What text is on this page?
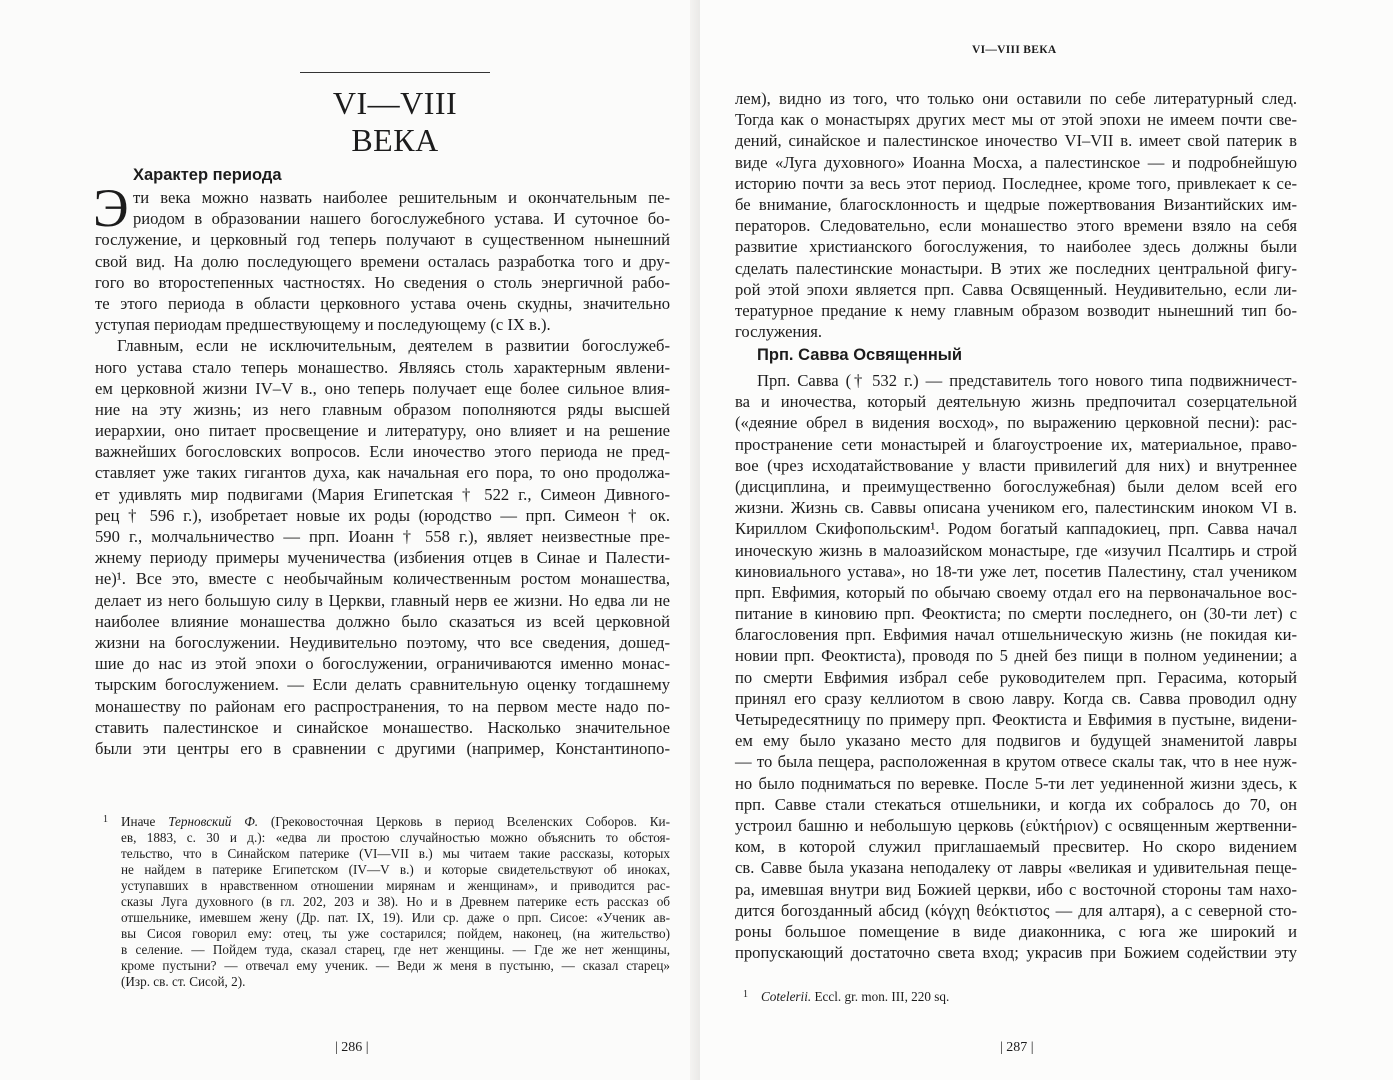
VI—VIII ВЕКА
Характер периода
Э ти века можно назвать наиболее решительным и окончательным пе-
риодом в образовании нашего богослужебного устава. И суточное бо-
гослужение, и церковный год теперь получают в существенном нынешний
свой вид. На долю последующего времени осталась разработка того и дру-
гого во второстепенных частностях. Но сведения о столь энергичной рабо-
те этого периода в области церковного устава очень скудны, значительно
уступая периодам предшествующему и последующему (с IX в.).
Главным, если не исключительным, деятелем в развитии богослужеб-
ного устава стало теперь монашество. Являясь столь характерным явлени-
ем церковной жизни IV–V в., оно теперь получает еще более сильное влия-
ние на эту жизнь; из него главным образом пополняются ряды высшей
иерархии, оно питает просвещение и литературу, оно влияет и на решение
важнейших богословских вопросов. Если иночество этого периода не пред-
ставляет уже таких гигантов духа, как начальная его пора, то оно продолжа-
ет удивлять мир подвигами (Мария Египетская † 522 г., Симеон Дивного-
рец † 596 г.), изобретает новые их роды (юродство — прп. Симеон † ок.
590 г., молчальничество — прп. Иоанн † 558 г.), являет неизвестные пре-
жнему периоду примеры мученичества (избиения отцев в Синае и Палести-
не)¹. Все это, вместе с необычайным количественным ростом монашества,
делает из него большую силу в Церкви, главный нерв ее жизни. Но едва ли не
наиболее влияние монашества должно было сказаться из всей церковной
жизни на богослужении. Неудивительно поэтому, что все сведения, дошед-
шие до нас из этой эпохи о богослужении, ограничиваются именно монас-
тырским богослужением. — Если делать сравнительную оценку тогдашнему
монашеству по районам его распространения, то на первом месте надо по-
ставить палестинское и синайское монашество. Насколько значительное
были эти центры его в сравнении с другими (например, Константинопо-
1 Иначе Терновский Ф. (Грековосточная Церковь в период Вселенских Соборов. Ки-
ев, 1883, с. 30 и д.): «едва ли простою случайностью можно объяснить то обстоя-
тельство, что в Синайском патерике (VI—VII в.) мы читаем такие рассказы, которых
не найдем в патерике Египетском (IV—V в.) и которые свидетельствуют об иноках,
уступавших в нравственном отношении мирянам и женщинам», и приводится рас-
сказы Луга духовного (в гл. 202, 203 и 38). Но и в Древнем патерике есть рассказ об
отшельнике, имевшем жену (Др. пат. IX, 19). Или ср. даже о прп. Сисое: «Ученик ав-
вы Сисоя говорил ему: отец, ты уже состарился; пойдем, наконец, (на жительство)
в селение. — Пойдем туда, сказал старец, где нет женщины. — Где же нет женщины,
кроме пустыни? — отвечал ему ученик. — Веди ж меня в пустыню, — сказал старец»
(Изр. св. ст. Сисой, 2).
| 286 |
VI—VIII ВЕКА
лем), видно из того, что только они оставили по себе литературный след.
Тогда как о монастырях других мест мы от этой эпохи не имеем почти све-
дений, синайское и палестинское иночество VI–VII в. имеет свой патерик в
виде «Луга духовного» Иоанна Мосха, а палестинское — и подробнейшую
историю почти за весь этот период. Последнее, кроме того, привлекает к се-
бе внимание, благосклонность и щедрые пожертвования Византийских им-
ператоров. Следовательно, если монашество этого времени взяло на себя
развитие христианского богослужения, то наиболее здесь должны были
сделать палестинские монастыри. В этих же последних центральной фигу-
рой этой эпохи является прп. Савва Освященный. Неудивительно, если ли-
тературное предание к нему главным образом возводит нынешний тип бо-
гослужения.
Прп. Савва Освященный
Прп. Савва († 532 г.) — представитель того нового типа подвижничест-
ва и иночества, который деятельную жизнь предпочитал созерцательной
(«деяние обрел в видения восход», по выражению церковной песни): рас-
пространение сети монастырей и благоустроение их, материальное, право-
вое (чрез исходатайствование у власти привилегий для них) и внутреннее
(дисциплина, и преимущественно богослужебная) были делом всей его
жизни. Жизнь св. Саввы описана учеником его, палестинским иноком VI в.
Кириллом Скифопольским¹. Родом богатый каппадокиец, прп. Савва начал
иноческую жизнь в малоазийском монастыре, где «изучил Псалтирь и строй
киновиального устава», но 18-ти уже лет, посетив Палестину, стал учеником
прп. Евфимия, который по обычаю своему отдал его на первоначальное вос-
питание в киновию прп. Феоктиста; по смерти последнего, он (30-ти лет) с
благословения прп. Евфимия начал отшельническую жизнь (не покидая ки-
новии прп. Феоктиста), проводя по 5 дней без пищи в полном уединении; а
по смерти Евфимия избрал себе руководителем прп. Герасима, который
принял его сразу келлиотом в свою лавру. Когда св. Савва проводил одну
Четыредесятницу по примеру прп. Феоктиста и Евфимия в пустыне, видени-
ем ему было указано место для подвигов и будущей знаменитой лавры
— то была пещера, расположенная в крутом отвесе скалы так, что в нее нуж-
но было подниматься по веревке. После 5-ти лет уединенной жизни здесь, к
прп. Савве стали стекаться отшельники, и когда их собралось до 70, он
устроил башню и небольшую церковь (εὐκτήριον) с освященным жертвенни-
ком, в которой служил приглашаемый пресвитер. Но скоро видением
св. Савве была указана неподалеку от лавры «великая и удивительная пеще-
ра, имевшая внутри вид Божией церкви, ибо с восточной стороны там нахо-
дится богозданный абсид (κόγχη θεόκτιστος — для алтаря), а с северной сто-
роны большое помещение в виде диаконника, с юга же широкий и
пропускающий достаточно света вход; украсив при Божием содействии эту
1 Cotelerii. Eccl. gr. mon. III, 220 sq.
| 287 |
